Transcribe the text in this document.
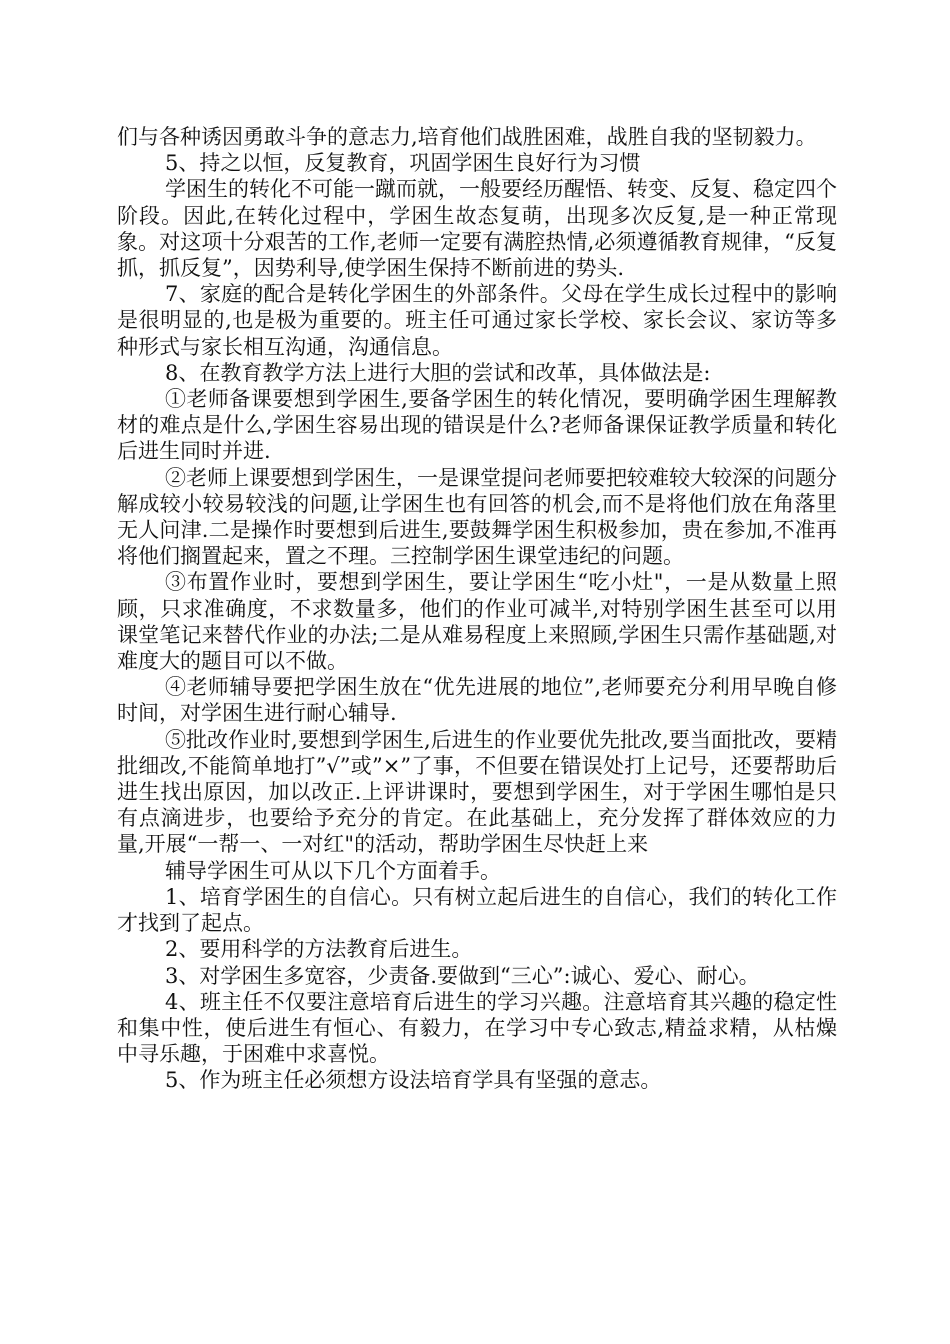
们与各种诱因勇敢斗争的意志力,培育他们战胜困难，战胜自我的坚韧毅力。

5、持之以恒，反复教育，巩固学困生良好行为习惯

学困生的转化不可能一蹴而就，一般要经历醒悟、转变、反复、稳定四个阶段。因此,在转化过程中，学困生故态复萌，出现多次反复,是一种正常现象。对这项十分艰苦的工作,老师一定要有满腔热情,必须遵循教育规律，“反复抓，抓反复”，因势利导,使学困生保持不断前进的势头.

7、家庭的配合是转化学困生的外部条件。父母在学生成长过程中的影响是很明显的,也是极为重要的。班主任可通过家长学校、家长会议、家访等多种形式与家长相互沟通，沟通信息。

8、在教育教学方法上进行大胆的尝试和改革，具体做法是:

①老师备课要想到学困生,要备学困生的转化情况，要明确学困生理解教材的难点是什么,学困生容易出现的错误是什么?老师备课保证教学质量和转化后进生同时并进.

②老师上课要想到学困生，一是课堂提问老师要把较难较大较深的问题分解成较小较易较浅的问题,让学困生也有回答的机会,而不是将他们放在角落里无人问津.二是操作时要想到后进生,要鼓舞学困生积极参加，贵在参加,不准再将他们搁置起来，置之不理。三控制学困生课堂违纪的问题。

③布置作业时，要想到学困生，要让学困生“吃小灶"，一是从数量上照顾，只求准确度，不求数量多，他们的作业可减半,对特别学困生甚至可以用课堂笔记来替代作业的办法;二是从难易程度上来照顾,学困生只需作基础题,对难度大的题目可以不做。

④老师辅导要把学困生放在“优先进展的地位”,老师要充分利用早晚自修时间，对学困生进行耐心辅导.

⑤批改作业时,要想到学困生,后进生的作业要优先批改,要当面批改，要精批细改,不能简单地打”√”或”×”了事，不但要在错误处打上记号，还要帮助后进生找出原因，加以改正.上评讲课时，要想到学困生，对于学困生哪怕是只有点滴进步，也要给予充分的肯定。在此基础上，充分发挥了群体效应的力量,开展“一帮一、一对红"的活动，帮助学困生尽快赶上来

辅导学困生可从以下几个方面着手。

1、培育学困生的自信心。只有树立起后进生的自信心，我们的转化工作才找到了起点。

2、要用科学的方法教育后进生。

3、对学困生多宽容，少责备.要做到“三心”:诚心、爱心、耐心。

4、班主任不仅要注意培育后进生的学习兴趣。注意培育其兴趣的稳定性和集中性，使后进生有恒心、有毅力，在学习中专心致志,精益求精，从枯燥中寻乐趣，于困难中求喜悦。

5、作为班主任必须想方设法培育学具有坚强的意志。
